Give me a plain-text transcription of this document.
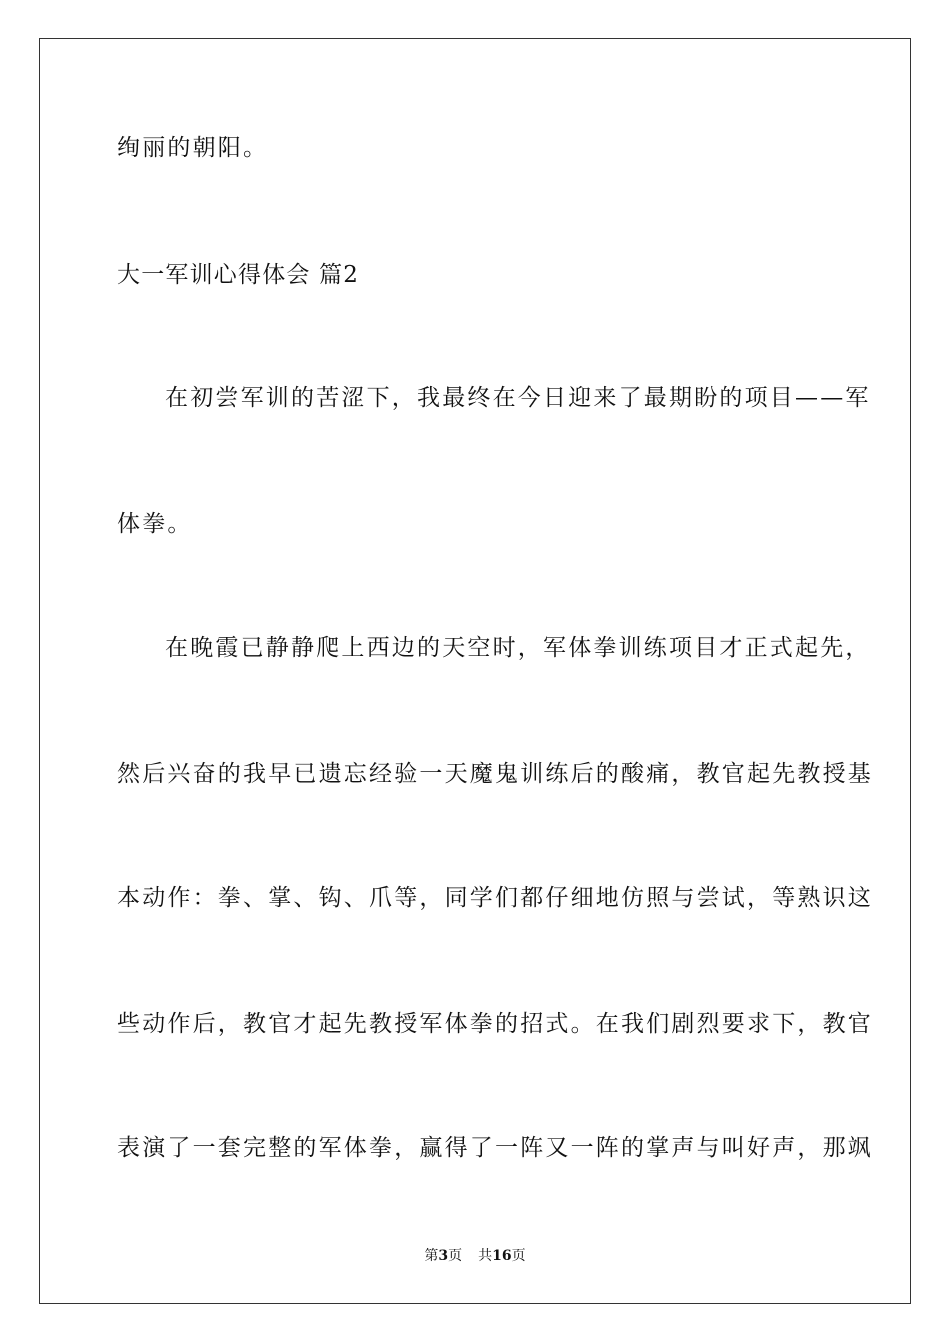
绚丽的朝阳。
大一军训心得体会 篇2
在初尝军训的苦涩下，我最终在今日迎来了最期盼的项目——军
体拳。
在晚霞已静静爬上西边的天空时，军体拳训练项目才正式起先，
然后兴奋的我早已遗忘经验一天魔鬼训练后的酸痛，教官起先教授基
本动作：拳、掌、钩、爪等，同学们都仔细地仿照与尝试，等熟识这
些动作后，教官才起先教授军体拳的招式。在我们剧烈要求下，教官
表演了一套完整的军体拳，赢得了一阵又一阵的掌声与叫好声，那飒
第3页 共16页
